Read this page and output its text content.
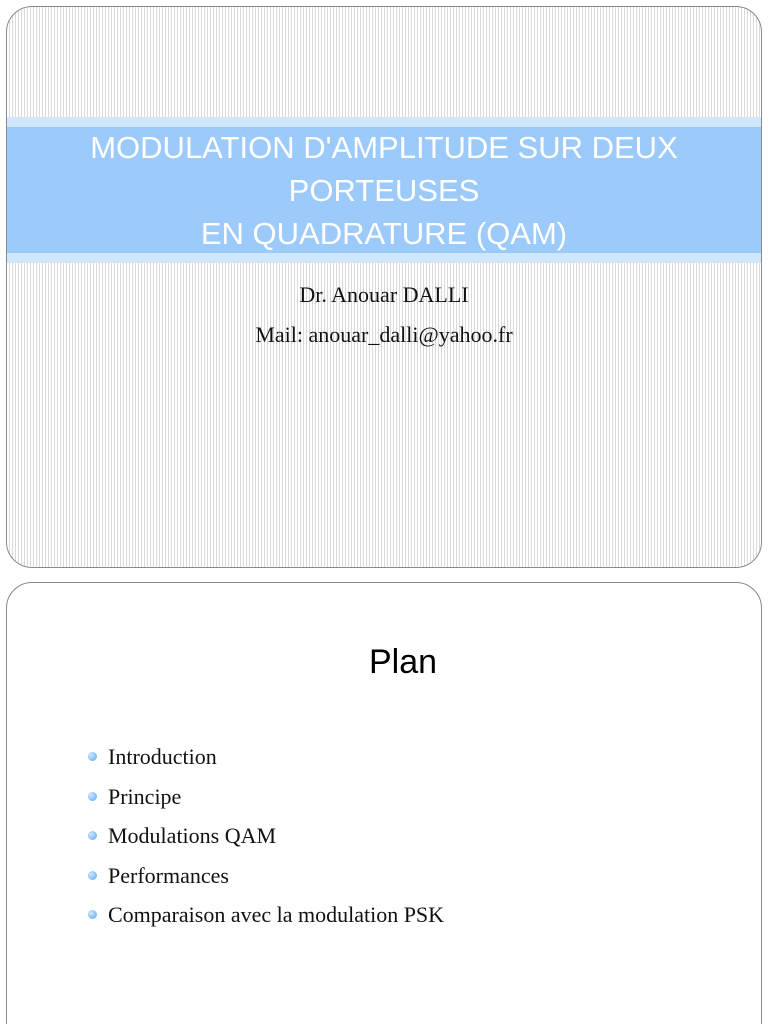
MODULATION D'AMPLITUDE SUR DEUX
PORTEUSES
EN QUADRATURE (QAM)
Dr. Anouar DALLI
Mail: anouar_dalli@yahoo.fr
Plan
Introduction
Principe
Modulations QAM
Performances
Comparaison avec la modulation PSK
